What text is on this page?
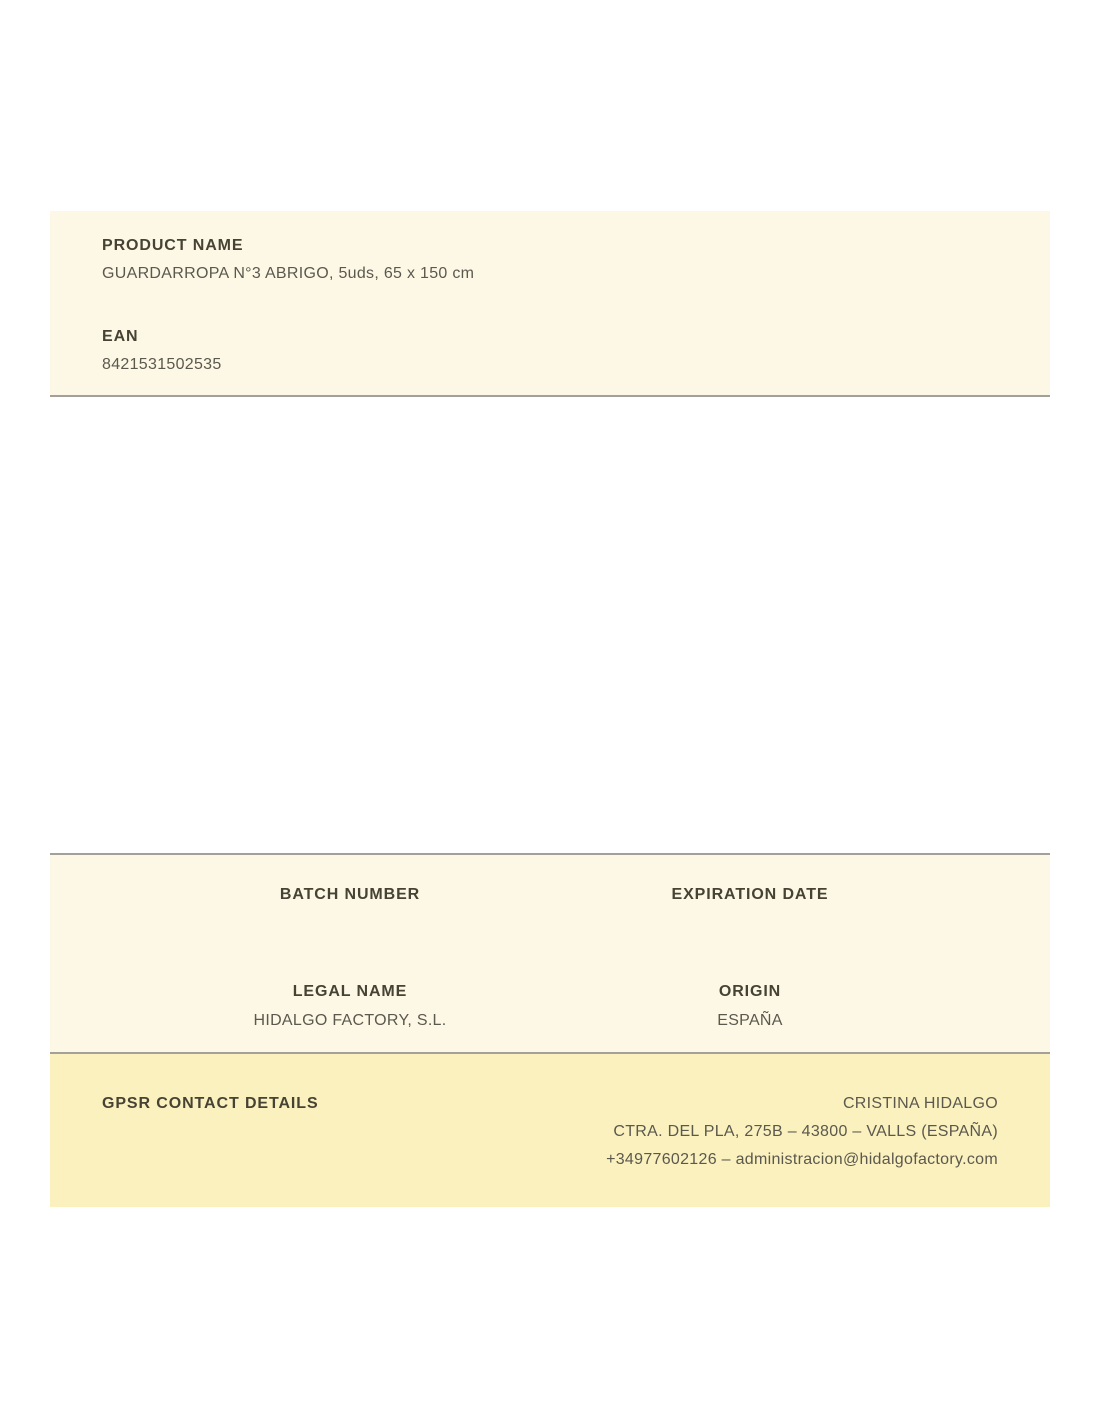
PRODUCT NAME
GUARDARROPA N°3 ABRIGO, 5uds, 65 x 150 cm
EAN
8421531502535
BATCH NUMBER	EXPIRATION DATE
LEGAL NAME
HIDALGO FACTORY, S.L.
ORIGIN
ESPAÑA
GPSR CONTACT DETAILS	CRISTINA HIDALGO
CTRA. DEL PLA, 275B – 43800 – VALLS (ESPAÑA)
+34977602126 – administracion@hidalgofactory.com
